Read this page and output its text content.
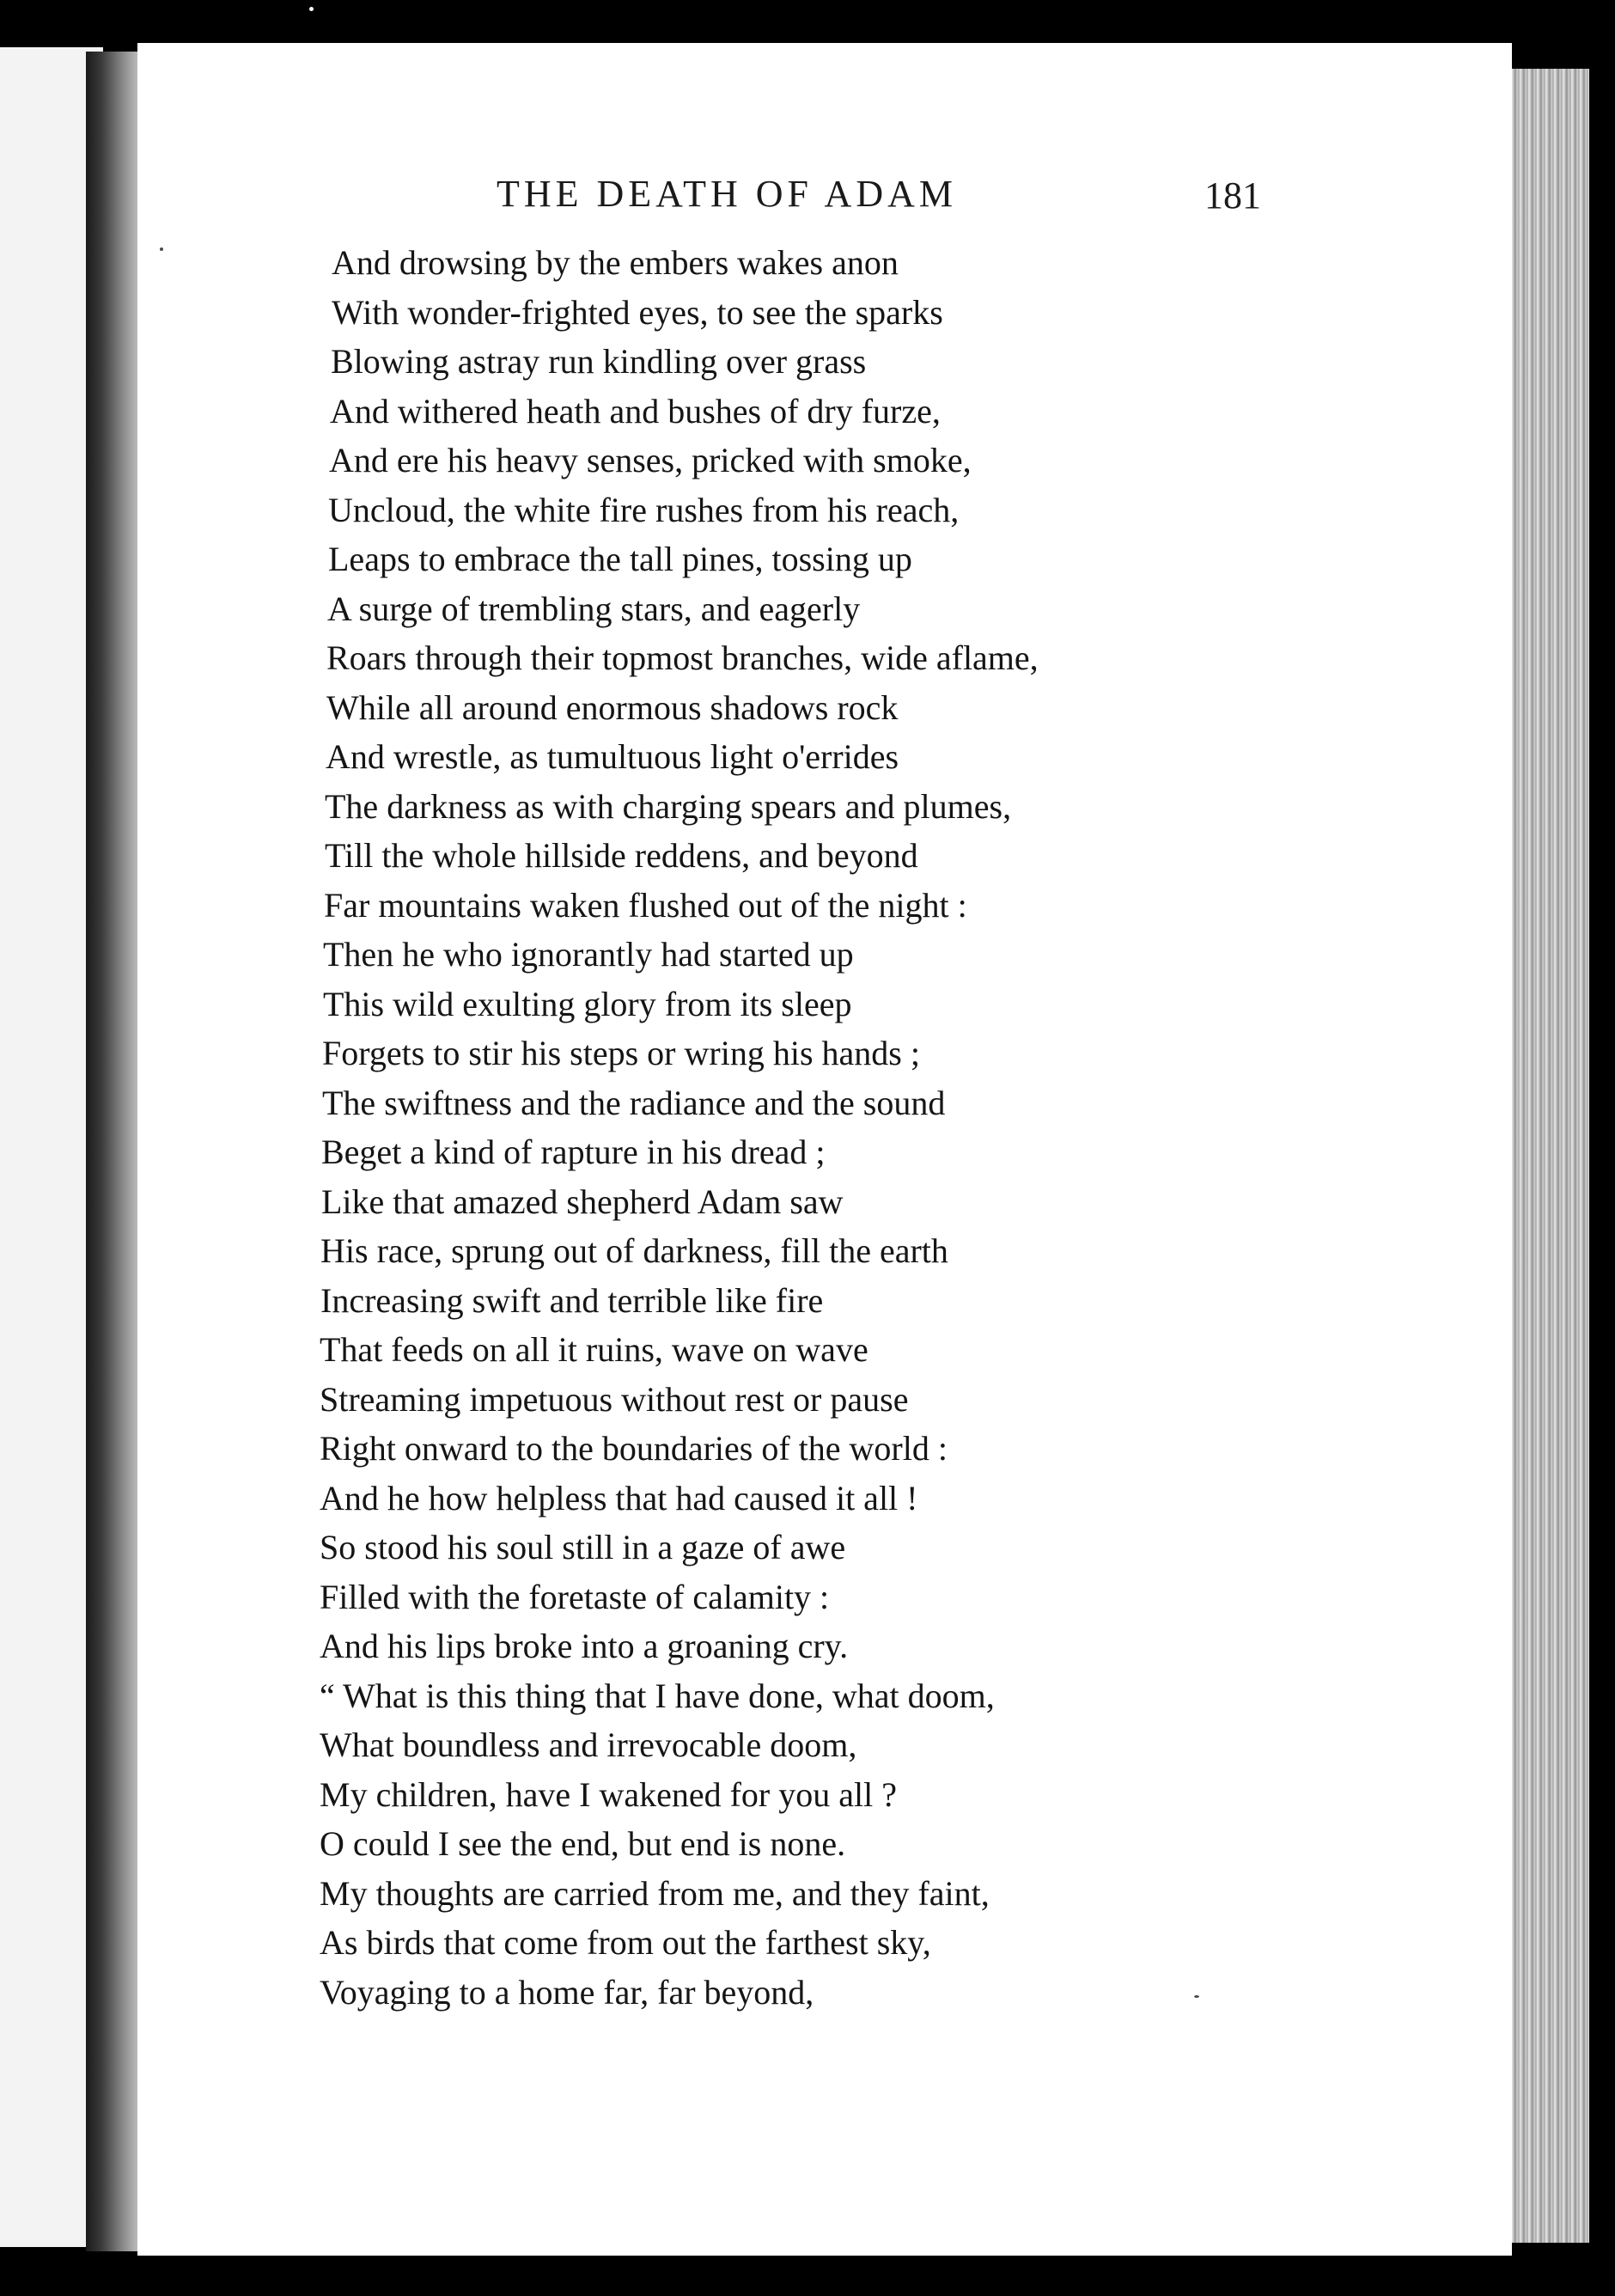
THE DEATH OF ADAM	181
And drowsing by the embers wakes anon
With wonder-frighted eyes, to see the sparks
Blowing astray run kindling over grass
And withered heath and bushes of dry furze,
And ere his heavy senses, pricked with smoke,
Uncloud, the white fire rushes from his reach,
Leaps to embrace the tall pines, tossing up
A surge of trembling stars, and eagerly
Roars through their topmost branches, wide aflame,
While all around enormous shadows rock
And wrestle, as tumultuous light o'errides
The darkness as with charging spears and plumes,
Till the whole hillside reddens, and beyond
Far mountains waken flushed out of the night :
Then he who ignorantly had started up
This wild exulting glory from its sleep
Forgets to stir his steps or wring his hands ;
The swiftness and the radiance and the sound
Beget a kind of rapture in his dread ;
Like that amazed shepherd Adam saw
His race, sprung out of darkness, fill the earth
Increasing swift and terrible like fire
That feeds on all it ruins, wave on wave
Streaming impetuous without rest or pause
Right onward to the boundaries of the world :
And he how helpless that had caused it all !
So stood his soul still in a gaze of awe
Filled with the foretaste of calamity :
And his lips broke into a groaning cry.
“ What is this thing that I have done, what doom,
What boundless and irrevocable doom,
My children, have I wakened for you all ?
O could I see the end, but end is none.
My thoughts are carried from me, and they faint,
As birds that come from out the farthest sky,
Voyaging to a home far, far beyond,
